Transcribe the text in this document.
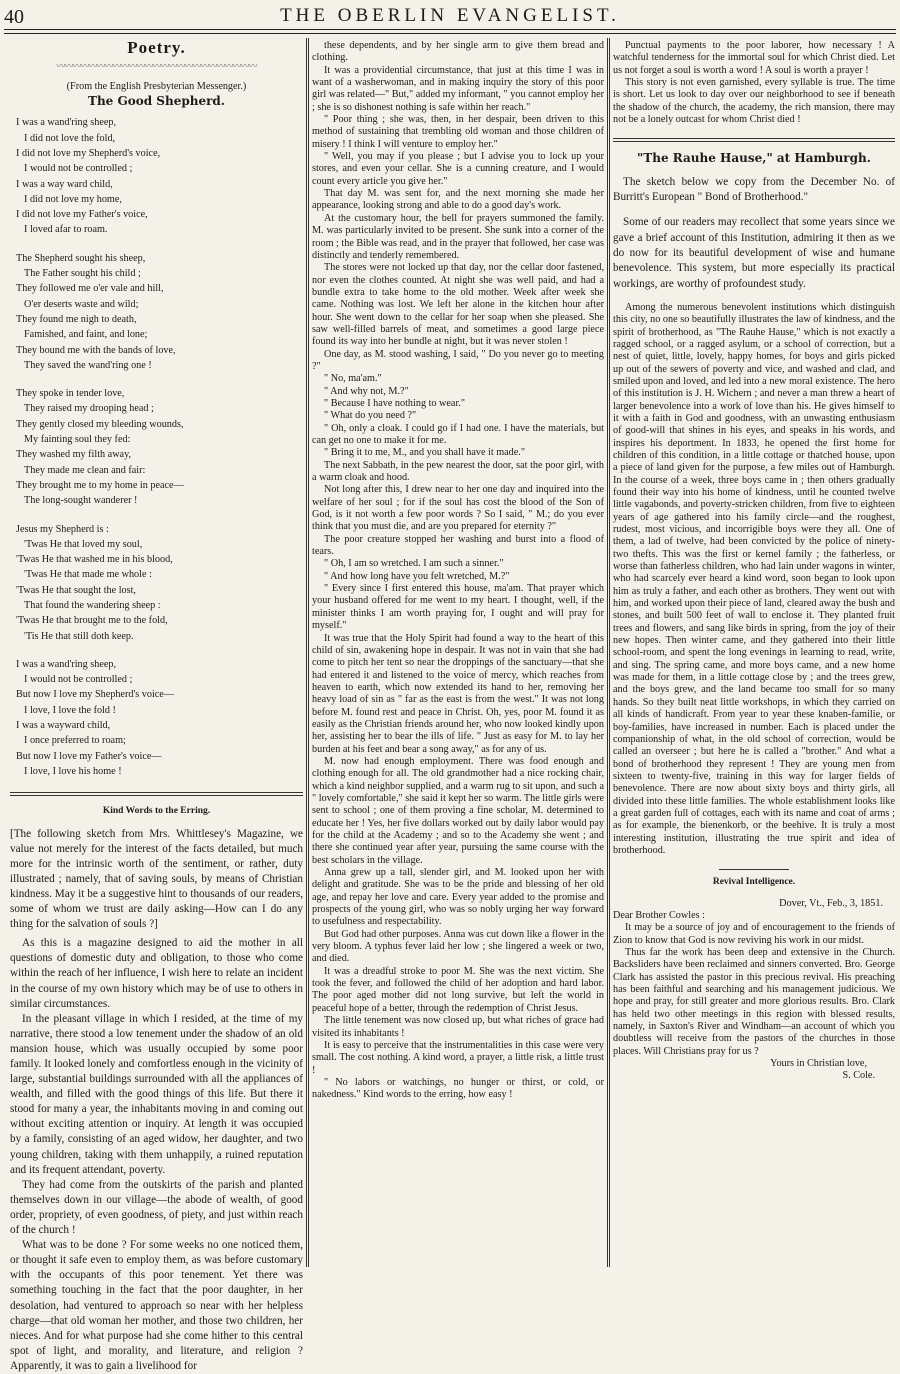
40	THE OBERLIN EVANGELIST.
Poetry.
〰〰〰〰〰〰〰〰〰〰〰〰〰〰〰〰〰〰〰〰〰〰〰〰〰
(From the English Presbyterian Messenger.)
The Good Shepherd.
I was a wand'ring sheep,
I did not love the fold,
I did not love my Shepherd's voice,
I would not be controlled ;
I was a way ward child,
I did not love my home,
I did not love my Father's voice,
I loved afar to roam.
The Shepherd sought his sheep,
The Father sought his child ;
They followed me o'er vale and hill,
O'er deserts waste and wild;
They found me nigh to death,
Famished, and faint, and lone;
They bound me with the bands of love,
They saved the wand'ring one !
They spoke in tender love,
They raised my drooping head ;
They gently closed my bleeding wounds,
My fainting soul they fed:
They washed my filth away,
They made me clean and fair:
They brought me to my home in peace—
The long-sought wanderer !
Jesus my Shepherd is :
'Twas He that loved my soul,
'Twas He that washed me in his blood,
'Twas He that made me whole :
'Twas He that sought the lost,
That found the wandering sheep :
'Twas He that brought me to the fold,
'Tis He that still doth keep.
I was a wand'ring sheep,
I would not be controlled ;
But now I love my Shepherd's voice—
I love, I love the fold !
I was a wayward child,
I once preferred to roam;
But now I love my Father's voice—
I love, I love his home !
Kind Words to the Erring.

[The following sketch from Mrs. Whittlesey's Magazine, we value not merely for the interest of the facts detailed, but much more for the intrinsic worth of the sentiment, or rather, duty illustrated ; namely, that of saving souls, by means of Christian kindness. May it be a suggestive hint to thousands of our readers, some of whom we trust are daily asking—How can I do any thing for the salvation of souls ?]

As this is a magazine designed to aid the mother in all questions of domestic duty and obligation, to those who come within the reach of her influence, I wish here to relate an incident in the course of my own history which may be of use to others in similar circumstances.

In the pleasant village in which I resided, at the time of my narrative, there stood a low tenement under the shadow of an old mansion house, which was usually occupied by some poor family. It looked lonely and comfortless enough in the vicinity of large, substantial buildings surrounded with all the appliances of wealth, and filled with the good things of this life. But there it stood for many a year, the inhabitants moving in and coming out without exciting attention or inquiry. At length it was occupied by a family, consisting of an aged widow, her daughter, and two young children, taking with them unhappily, a ruined reputation and its frequent attendant, poverty.

They had come from the outskirts of the parish and planted themselves down in our village—the abode of wealth, of good order, propriety, of even goodness, of piety, and just within reach of the church !

What was to be done ? For some weeks no one noticed them, or thought it safe even to employ them, as was before customary with the occupants of this poor tenement. Yet there was something touching in the fact that the poor daughter, in her desolation, had ventured to approach so near with her helpless charge—that old woman her mother, and those two children, her nieces. And for what purpose had she come hither to this central spot of light, and morality, and literature, and religion ? Apparently, it was to gain a livelihood for

these dependents, and by her single arm to give them bread and clothing.

It was a providential circumstance, that just at this time I was in want of a washerwoman, and in making inquiry the story of this poor girl was related—" But," added my informant, " you cannot employ her ; she is so dishonest nothing is safe within her reach."

" Poor thing ; she was, then, in her despair, been driven to this method of sustaining that trembling old woman and those children of misery ! I think I will venture to employ her."

" Well, you may if you please ; but I advise you to lock up your stores, and even your cellar. She is a cunning creature, and I would count every article you give her."

That day M. was sent for, and the next morning she made her appearance, looking strong and able to do a good day's work.

At the customary hour, the bell for prayers summoned the family. M. was particularly invited to be present. She sunk into a corner of the room ; the Bible was read, and in the prayer that followed, her case was distinctly and tenderly remembered.

The stores were not locked up that day, nor the cellar door fastened, nor even the clothes counted. At night she was well paid, and had a bundle extra to take home to the old mother. Week after week she came. Nothing was lost. We left her alone in the kitchen hour after hour. She went down to the cellar for her soap when she pleased. She saw well-filled barrels of meat, and sometimes a good large piece found its way into her bundle at night, but it was never stolen !

One day, as M. stood washing, I said, " Do you never go to meeting ?"

" No, ma'am."

" And why not, M.?"

" Because I have nothing to wear."

" What do you need ?"

" Oh, only a cloak. I could go if I had one. I have the materials, but can get no one to make it for me.

" Bring it to me, M., and you shall have it made."

The next Sabbath, in the pew nearest the door, sat the poor girl, with a warm cloak and hood.

Not long after this, I drew near to her one day and inquired into the welfare of her soul ; for if the soul has cost the blood of the Son of God, is it not worth a few poor words ? So I said, " M.; do you ever think that you must die, and are you prepared for eternity ?"

The poor creature stopped her washing and burst into a flood of tears.

" Oh, I am so wretched. I am such a sinner."

" And how long have you felt wretched, M.?"

" Every since I first entered this house, ma'am. That prayer which your husband offered for me went to my heart. I thought, well, if the minister thinks I am worth praying for, I ought and will pray for myself."

It was true that the Holy Spirit had found a way to the heart of this child of sin, awakening hope in despair. It was not in vain that she had come to pitch her tent so near the droppings of the sanctuary—that she had entered it and listened to the voice of mercy, which reaches from heaven to earth, which now extended its hand to her, removing her heavy load of sin as " far as the east is from the west." It was not long before M. found rest and peace in Christ. Oh, yes, poor M. found it as easily as the Christian friends around her, who now looked kindly upon her, assisting her to bear the ills of life. " Just as easy for M. to lay her burden at his feet and bear a song away," as for any of us.

M. now had enough employment. There was food enough and clothing enough for all. The old grandmother had a nice rocking chair, which a kind neighbor supplied, and a warm rug to sit upon, and such a " lovely comfortable," she said it kept her so warm. The little girls were sent to school ; one of them proving a fine scholar, M. determined to educate her ! Yes, her five dollars worked out by daily labor would pay for the child at the Academy ; and so to the Academy she went ; and there she continued year after year, pursuing the same course with the best scholars in the village.

Anna grew up a tall, slender girl, and M. looked upon her with delight and gratitude. She was to be the pride and blessing of her old age, and repay her love and care. Every year added to the promise and prospects of the young girl, who was so nobly urging her way forward to usefulness and respectability.

But God had other purposes. Anna was cut down like a flower in the very bloom. A typhus fever laid her low ; she lingered a week or two, and died.

It was a dreadful stroke to poor M. She was the next victim. She took the fever, and followed the child of her adoption and hard labor. The poor aged mother did not long survive, but left the world in peaceful hope of a better, through the redemption of Christ Jesus.

The little tenement was now closed up, but what riches of grace had visited its inhabitants !

It is easy to perceive that the instrumentalities in this case were very small. The cost nothing. A kind word, a prayer, a little risk, a little trust !

" No labors or watchings, no hunger or thirst, or cold, or nakedness." Kind words to the erring, how easy !

Punctual payments to the poor laborer, how necessary ! A watchful tenderness for the immortal soul for which Christ died. Let us not forget a soul is worth a word ! A soul is worth a prayer !

This story is not even garnished, every syllable is true. The time is short. Let us look to day over our neighborhood to see if beneath the shadow of the church, the academy, the rich mansion, there may not be a lonely outcast for whom Christ died !

"The Rauhe Hause," at Hamburgh.

The sketch below we copy from the December No. of Burritt's European " Bond of Brotherhood."

Some of our readers may recollect that some years since we gave a brief account of this Institution, admiring it then as we do now for its beautiful development of wise and humane benevolence. This system, but more especially its practical workings, are worthy of profoundest study.

Among the numerous benevolent institutions which distinguish this city, no one so beautifully illustrates the law of kindness, and the spirit of brotherhood, as "The Rauhe Hause," which is not exactly a ragged school, or a ragged asylum, or a school of correction, but a nest of quiet, little, lovely, happy homes, for boys and girls picked up out of the sewers of poverty and vice, and washed and clad, and smiled upon and loved, and led into a new moral existence. The hero of this institution is J. H. Wichern ; and never a man threw a heart of larger benevolence into a work of love than his. He gives himself to it with a faith in God and goodness, with an unwasting enthusiasm of good-will that shines in his eyes, and speaks in his words, and inspires his deportment. In 1833, he opened the first home for children of this condition, in a little cottage or thatched house, upon a piece of land given for the purpose, a few miles out of Hamburgh. In the course of a week, three boys came in ; then others gradually found their way into his home of kindness, until he counted twelve little vagabonds, and poverty-stricken children, from five to eighteen years of age gathered into his family circle—and the roughest, rudest, most vicious, and incorrigible boys were they all. One of them, a lad of twelve, had been convicted by the police of ninety-two thefts. This was the first or kernel family ; the fatherless, or worse than fatherless children, who had lain under wagons in winter, who had scarcely ever heard a kind word, soon began to look upon him as truly a father, and each other as brothers. They went out with him, and worked upon their piece of land, cleared away the bush and stones, and built 500 feet of wall to enclose it. They planted fruit trees and flowers, and sang like birds in spring, from the joy of their new hopes. Then winter came, and they gathered into their little school-room, and spent the long evenings in learning to read, write, and sing. The spring came, and more boys came, and a new home was made for them, in a little cottage close by ; and the trees grew, and the boys grew, and the land became too small for so many hands. So they built neat little workshops, in which they carried on all kinds of handicraft. From year to year these knaben-familie, or boy-families, have increased in number. Each is placed under the companionship of what, in the old school of correction, would be called an overseer ; but here he is called a "brother." And what a bond of brotherhood they represent ! They are young men from sixteen to twenty-five, training in this way for larger fields of benevolence. There are now about sixty boys and thirty girls, all divided into these little families. The whole establishment looks like a great garden full of cottages, each with its name and coat of arms ; as for example, the bienenkorb, or the beehive. It is truly a most interesting institution, illustrating the true spirit and idea of brotherhood.

Revival Intelligence.
Dover, Vt., Feb., 3, 1851.

Dear Brother Cowles :

It may be a source of joy and of encouragement to the friends of Zion to know that God is now reviving his work in our midst.

Thus far the work has been deep and extensive in the Church. Backsliders have been reclaimed and sinners converted. Bro. George Clark has assisted the pastor in this precious revival. His preaching has been faithful and searching and his management judicious. We hope and pray, for still greater and more glorious results. Bro. Clark has held two other meetings in this region with blessed results, namely, in Saxton's River and Windham—an account of which you doubtless will receive from the pastors of the churches in those places. Will Christians pray for us ?

Yours in Christian love,
S. Cole.
